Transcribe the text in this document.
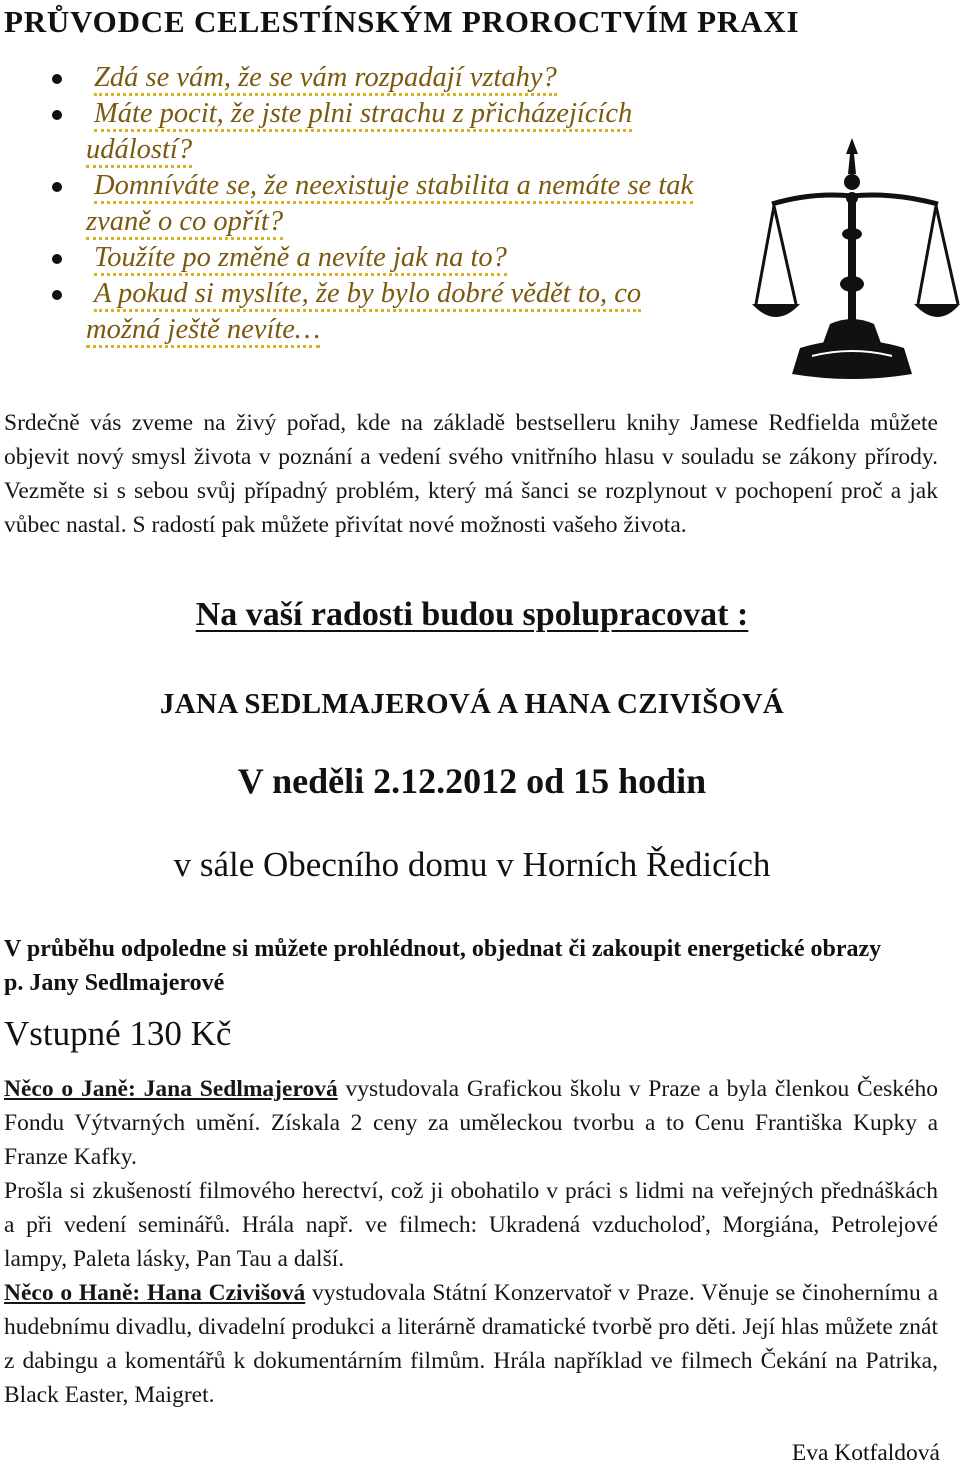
PRŮVODCE CELESTÍNSKÝM PROROCTVÍM PRAXI
Zdá se vám, že se vám rozpadají vztahy?
Máte pocit, že jste plni strachu z přicházejících
událostí?
Domníváte se, že neexistuje stabilita a nemáte se tak
zvaně o co opřít?
Toužíte po změně a nevíte jak na to?
A pokud si myslíte, že by bylo dobré vědět to, co
možná ještě nevíte…

Srdečně vás zveme na živý pořad, kde na základě bestselleru knihy Jamese Redfielda můžete objevit nový smysl života v poznání a vedení svého vnitřního hlasu v souladu se zákony přírody. Vezměte si s sebou svůj případný problém, který má šanci se rozplynout v pochopení proč a jak vůbec nastal. S radostí pak můžete přivítat nové možnosti vašeho života.

Na vaší radosti budou spolupracovat :
JANA SEDLMAJEROVÁ A HANA CZIVIŠOVÁ
V neděli 2.12.2012 od 15 hodin
v sále Obecního domu v Horních Ředicích

V průběhu odpoledne si můžete prohlédnout, objednat či zakoupit energetické obrazy p. Jany Sedlmajerové

Vstupné 130 Kč

Něco o Janě: Jana Sedlmajerová vystudovala Grafickou školu v Praze a byla členkou Českého Fondu Výtvarných umění. Získala 2 ceny za uměleckou tvorbu a to Cenu Františka Kupky a Franze Kafky.
Prošla si zkušeností filmového herectví, což ji obohatilo v práci s lidmi na veřejných přednáškách a při vedení seminářů. Hrála např. ve filmech: Ukradená vzducholoď, Morgiána, Petrolejové lampy, Paleta lásky, Pan Tau a další.
Něco o Haně: Hana Czivišová vystudovala Státní Konzervatoř v Praze. Věnuje se činohernímu a hudebnímu divadlu, divadelní produkci a literárně dramatické tvorbě pro děti. Její hlas můžete znát z dabingu a komentářů k dokumentárním filmům. Hrála například ve filmech Čekání na Patrika, Black Easter, Maigret.

Eva Kotfaldová
